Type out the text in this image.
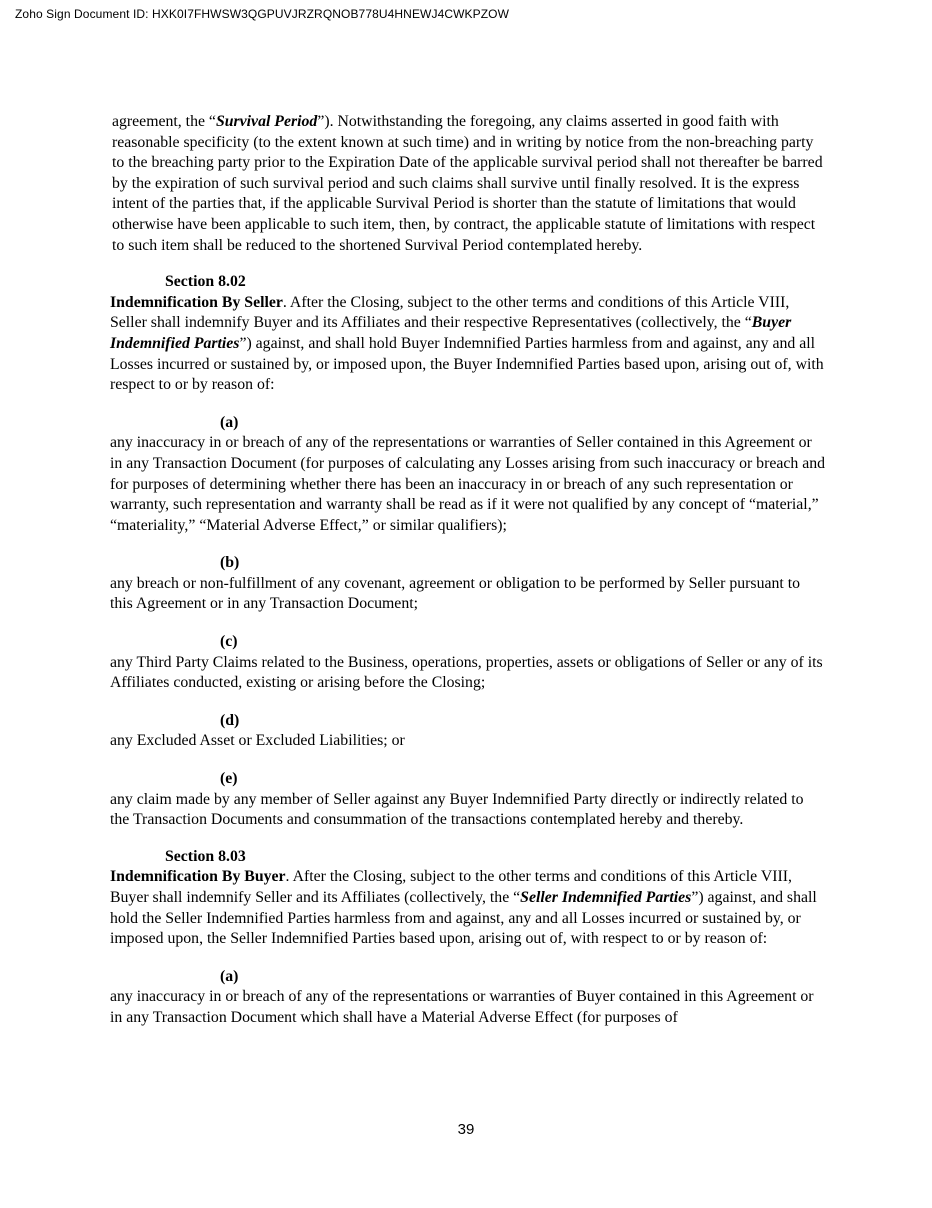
Zoho Sign Document ID: HXK0I7FHWSW3QGPUVJRZRQNOB778U4HNEWJ4CWKPZOW

agreement, the “Survival Period”). Notwithstanding the foregoing, any claims asserted in good faith with reasonable specificity (to the extent known at such time) and in writing by notice from the non-breaching party to the breaching party prior to the Expiration Date of the applicable survival period shall not thereafter be barred by the expiration of such survival period and such claims shall survive until finally resolved. It is the express intent of the parties that, if the applicable Survival Period is shorter than the statute of limitations that would otherwise have been applicable to such item, then, by contract, the applicable statute of limitations with respect to such item shall be reduced to the shortened Survival Period contemplated hereby.

Section 8.02

Indemnification By Seller. After the Closing, subject to the other terms and conditions of this Article VIII, Seller shall indemnify Buyer and its Affiliates and their respective Representatives (collectively, the “Buyer Indemnified Parties”) against, and shall hold Buyer Indemnified Parties harmless from and against, any and all Losses incurred or sustained by, or imposed upon, the Buyer Indemnified Parties based upon, arising out of, with respect to or by reason of:

(a)

any inaccuracy in or breach of any of the representations or warranties of Seller contained in this Agreement or in any Transaction Document (for purposes of calculating any Losses arising from such inaccuracy or breach and for purposes of determining whether there has been an inaccuracy in or breach of any such representation or warranty, such representation and warranty shall be read as if it were not qualified by any concept of “material,” “materiality,” “Material Adverse Effect,” or similar qualifiers);

(b)

any breach or non-fulfillment of any covenant, agreement or obligation to be performed by Seller pursuant to this Agreement or in any Transaction Document;

(c)

any Third Party Claims related to the Business, operations, properties, assets or obligations of Seller or any of its Affiliates conducted, existing or arising before the Closing;

(d)

any Excluded Asset or Excluded Liabilities; or

(e)

any claim made by any member of Seller against any Buyer Indemnified Party directly or indirectly related to the Transaction Documents and consummation of the transactions contemplated hereby and thereby.

Section 8.03

Indemnification By Buyer. After the Closing, subject to the other terms and conditions of this Article VIII, Buyer shall indemnify Seller and its Affiliates (collectively, the “Seller Indemnified Parties”) against, and shall hold the Seller Indemnified Parties harmless from and against, any and all Losses incurred or sustained by, or imposed upon, the Seller Indemnified Parties based upon, arising out of, with respect to or by reason of:

(a)

any inaccuracy in or breach of any of the representations or warranties of Buyer contained in this Agreement or in any Transaction Document which shall have a Material Adverse Effect (for purposes of

39
